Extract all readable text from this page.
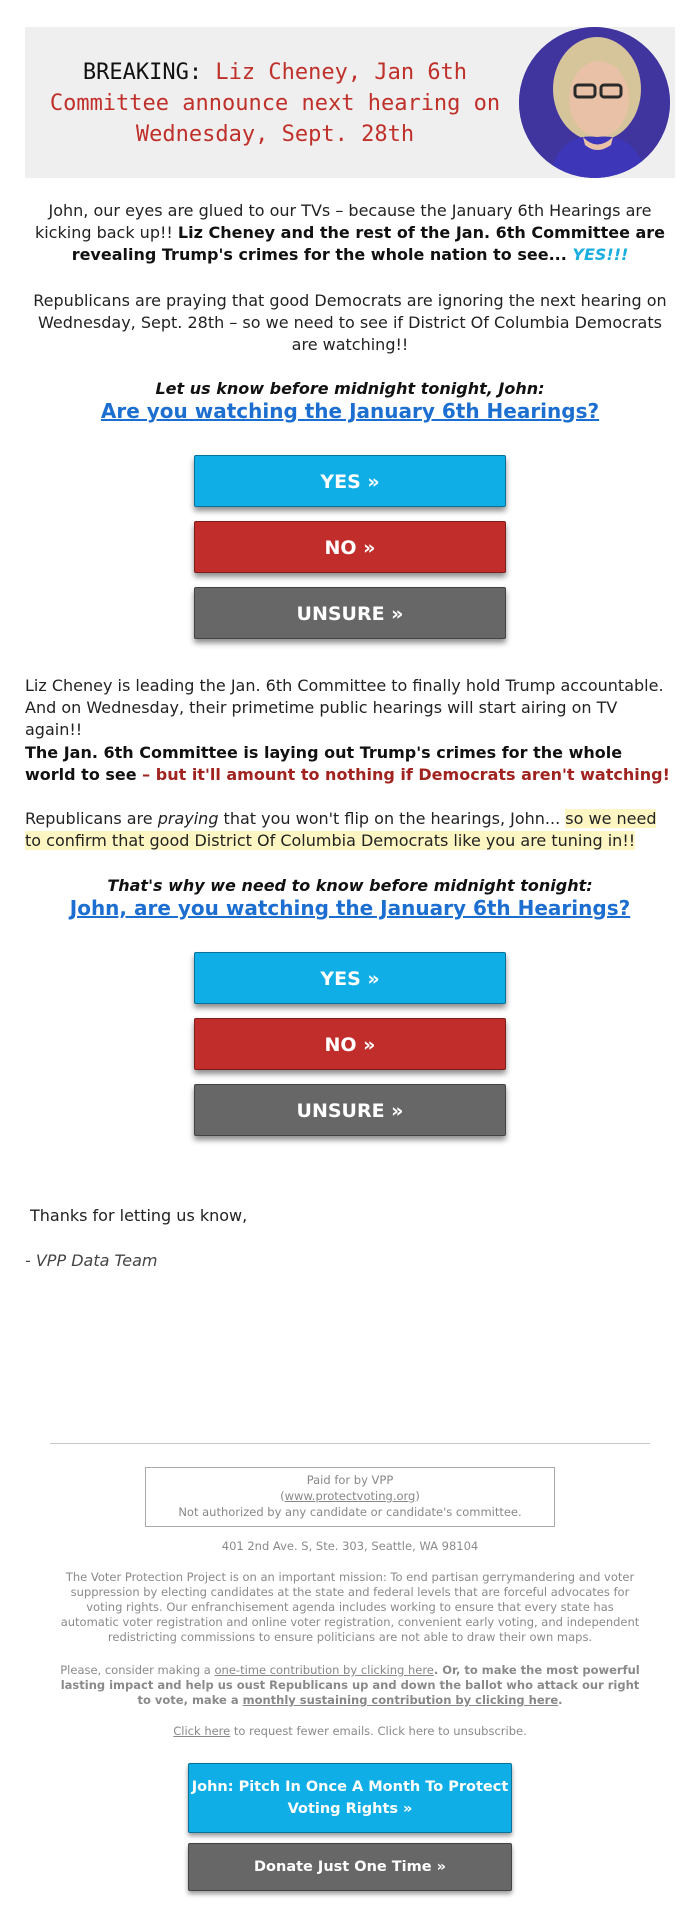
BREAKING: Liz Cheney, Jan 6th Committee announce next hearing on Wednesday, Sept. 28th
John, our eyes are glued to our TVs – because the January 6th Hearings are kicking back up!! Liz Cheney and the rest of the Jan. 6th Committee are revealing Trump's crimes for the whole nation to see... YES!!!
Republicans are praying that good Democrats are ignoring the next hearing on Wednesday, Sept. 28th – so we need to see if District Of Columbia Democrats are watching!!
Let us know before midnight tonight, John:
Are you watching the January 6th Hearings?
YES »
NO »
UNSURE »
Liz Cheney is leading the Jan. 6th Committee to finally hold Trump accountable. And on Wednesday, their primetime public hearings will start airing on TV again!!
The Jan. 6th Committee is laying out Trump's crimes for the whole world to see – but it'll amount to nothing if Democrats aren't watching!
Republicans are praying that you won't flip on the hearings, John... so we need to confirm that good District Of Columbia Democrats like you are tuning in!!
That's why we need to know before midnight tonight:
John, are you watching the January 6th Hearings?
YES »
NO »
UNSURE »
Thanks for letting us know,
- VPP Data Team
Paid for by VPP
(www.protectvoting.org)
Not authorized by any candidate or candidate's committee.
401 2nd Ave. S, Ste. 303, Seattle, WA 98104
The Voter Protection Project is on an important mission: To end partisan gerrymandering and voter suppression by electing candidates at the state and federal levels that are forceful advocates for voting rights. Our enfranchisement agenda includes working to ensure that every state has automatic voter registration and online voter registration, convenient early voting, and independent redistricting commissions to ensure politicians are not able to draw their own maps.
Please, consider making a one-time contribution by clicking here. Or, to make the most powerful lasting impact and help us oust Republicans up and down the ballot who attack our right to vote, make a monthly sustaining contribution by clicking here.
Click here to request fewer emails. Click here to unsubscribe.
John: Pitch In Once A Month To Protect Voting Rights »
Donate Just One Time »
